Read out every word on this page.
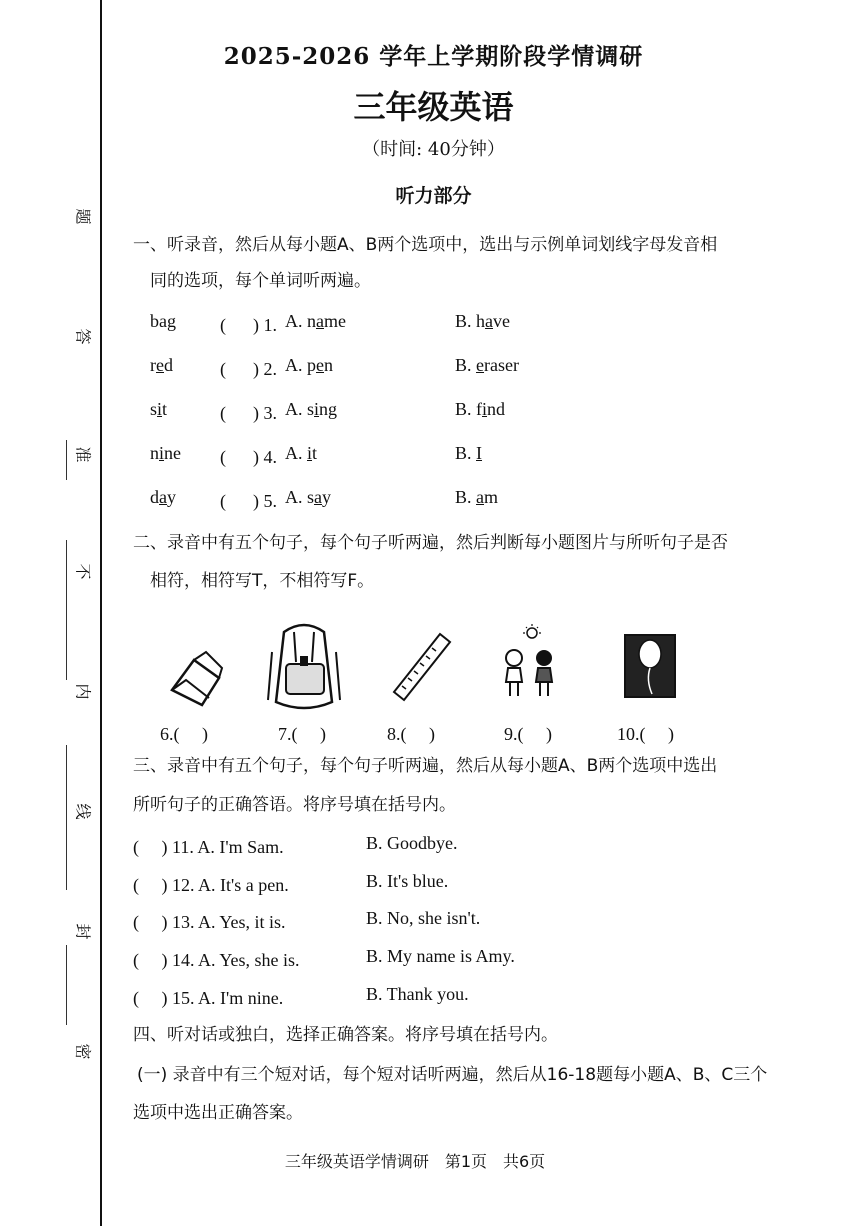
题
答
准
不
内
线
封
密
2025-2026 学年上学期阶段学情调研
三年级英语
（时间: 40分钟）
听力部分
一、听录音，然后从每小题A、B两个选项中，选出与示例单词划线字母发音相
同的选项，每个单词听两遍。
bag ( 　 ) 1. A. name	B. have
red	( 　 ) 2. A. pen	B. eraser
sit	( 　 ) 3. A. sing	B. find
nine ( 　 ) 4. A. it	B. I
day ( 　 ) 5. A. say	B. am
二、录音中有五个句子，每个句子听两遍，然后判断每小题图片与所听句子是否
相符，相符写T，不相符写F。
6.(　 )	7.(　 )	8.(　 )	9.(　 )	10.(　 )
三、录音中有五个句子，每个句子听两遍，然后从每小题A、B两个选项中选出
所听句子的正确答语。将序号填在括号内。
(　 ) 11. A. I'm Sam.	B. Goodbye.
(　 ) 12. A. It's a pen.	B. It's blue.
(　 ) 13. A. Yes, it is.	B. No, she isn't.
(　 ) 14. A. Yes, she is.	B. My name is Amy.
(　 ) 15. A. I'm nine.	B. Thank you.
四、听对话或独白，选择正确答案。将序号填在括号内。
(一) 录音中有三个短对话，每个短对话听两遍，然后从16-18题每小题A、B、C三个
选项中选出正确答案。
三年级英语学情调研　第1页　共6页
